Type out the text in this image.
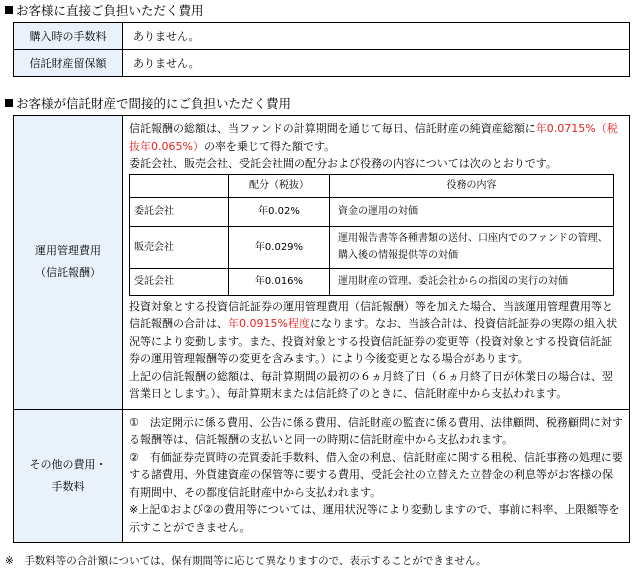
お客様に直接ご負担いただく費用
購入時の手数料	ありません。
信託財産留保額	ありません。
お客様が信託財産で間接的にご負担いただく費用
運用管理費用
（信託報酬）

信託報酬の総額は、当ファンドの計算期間を通じて毎日、信託財産の純資産総額に年0.0715%（税抜年0.065%）の率を乗じて得た額です。
委託会社、販売会社、受託会社間の配分および役務の内容については次のとおりです。
	配分（税抜）	役務の内容
委託会社	年0.02%	資金の運用の対価
販売会社	年0.029%	運用報告書等各種書類の送付、口座内でのファンドの管理、購入後の情報提供等の対価
受託会社	年0.016%	運用財産の管理、委託会社からの指図の実行の対価
投資対象とする投資信託証券の運用管理費用（信託報酬）等を加えた場合、当該運用管理費用等と信託報酬の合計は、年0.0915%程度になります。なお、当該合計は、投資信託証券の実際の組入状況等により変動します。また、投資対象とする投資信託証券の変更等（投資対象とする投資信託証券の運用管理報酬等の変更を含みます。）により今後変更となる場合があります。
上記の信託報酬の総額は、毎計算期間の最初の６ヵ月終了日（６ヵ月終了日が休業日の場合は、翌営業日とします。）、毎計算期末または信託終了のときに、信託財産中から支払われます。

その他の費用・
手数料

①　法定開示に係る費用、公告に係る費用、信託財産の監査に係る費用、法律顧問、税務顧問に対する報酬等は、信託報酬の支払いと同一の時期に信託財産中から支払われます。
②　有価証券売買時の売買委託手数料、借入金の利息、信託財産に関する租税、信託事務の処理に要する諸費用、外貨建資産の保管等に要する費用、受託会社の立替えた立替金の利息等がお客様の保有期間中、その都度信託財産中から支払われます。
※上記①および②の費用等については、運用状況等により変動しますので、事前に料率、上限額等を示すことができません。
※　手数料等の合計額については、保有期間等に応じて異なりますので、表示することができません。
